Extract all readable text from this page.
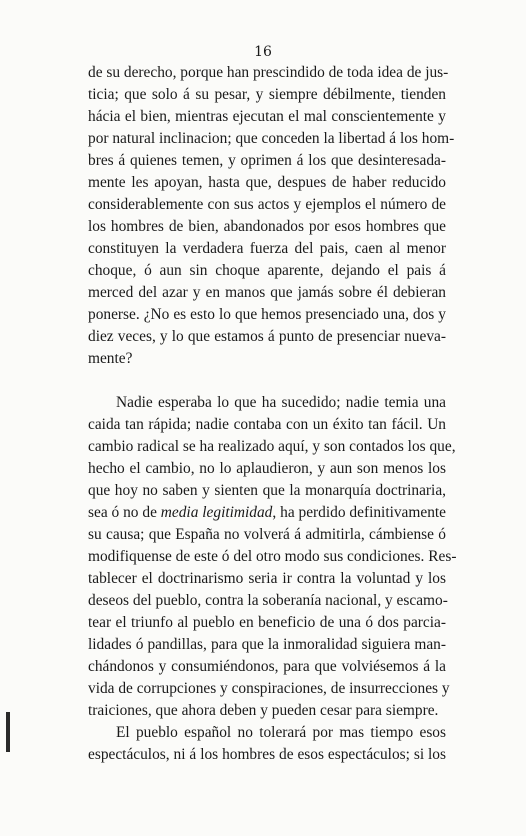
16
de su derecho, porque han prescindido de toda idea de jus-
ticia; que solo á su pesar, y siempre débilmente, tienden
hácia el bien, mientras ejecutan el mal conscientemente y
por natural inclinacion; que conceden la libertad á los hom-
bres á quienes temen, y oprimen á los que desinteresada-
mente les apoyan, hasta que, despues de haber reducido
considerablemente con sus actos y ejemplos el número de
los hombres de bien, abandonados por esos hombres que
constituyen la verdadera fuerza del pais, caen al menor
choque, ó aun sin choque aparente, dejando el pais á
merced del azar y en manos que jamás sobre él debieran
ponerse. ¿No es esto lo que hemos presenciado una, dos y
diez veces, y lo que estamos á punto de presenciar nueva-
mente?
Nadie esperaba lo que ha sucedido; nadie temia una
caida tan rápida; nadie contaba con un éxito tan fácil. Un
cambio radical se ha realizado aquí, y son contados los que,
hecho el cambio, no lo aplaudieron, y aun son menos los
que hoy no saben y sienten que la monarquía doctrinaria,
sea ó no de media legitimidad, ha perdido definitivamente
su causa; que España no volverá á admitirla, cámbiense ó
modifiquense de este ó del otro modo sus condiciones. Res-
tablecer el doctrinarismo seria ir contra la voluntad y los
deseos del pueblo, contra la soberanía nacional, y escamo-
tear el triunfo al pueblo en beneficio de una ó dos parcia-
lidades ó pandillas, para que la inmoralidad siguiera man-
chándonos y consumiéndonos, para que volviésemos á la
vida de corrupciones y conspiraciones, de insurrecciones y
traiciones, que ahora deben y pueden cesar para siempre.
El pueblo español no tolerará por mas tiempo esos
espectáculos, ni á los hombres de esos espectáculos; si los
